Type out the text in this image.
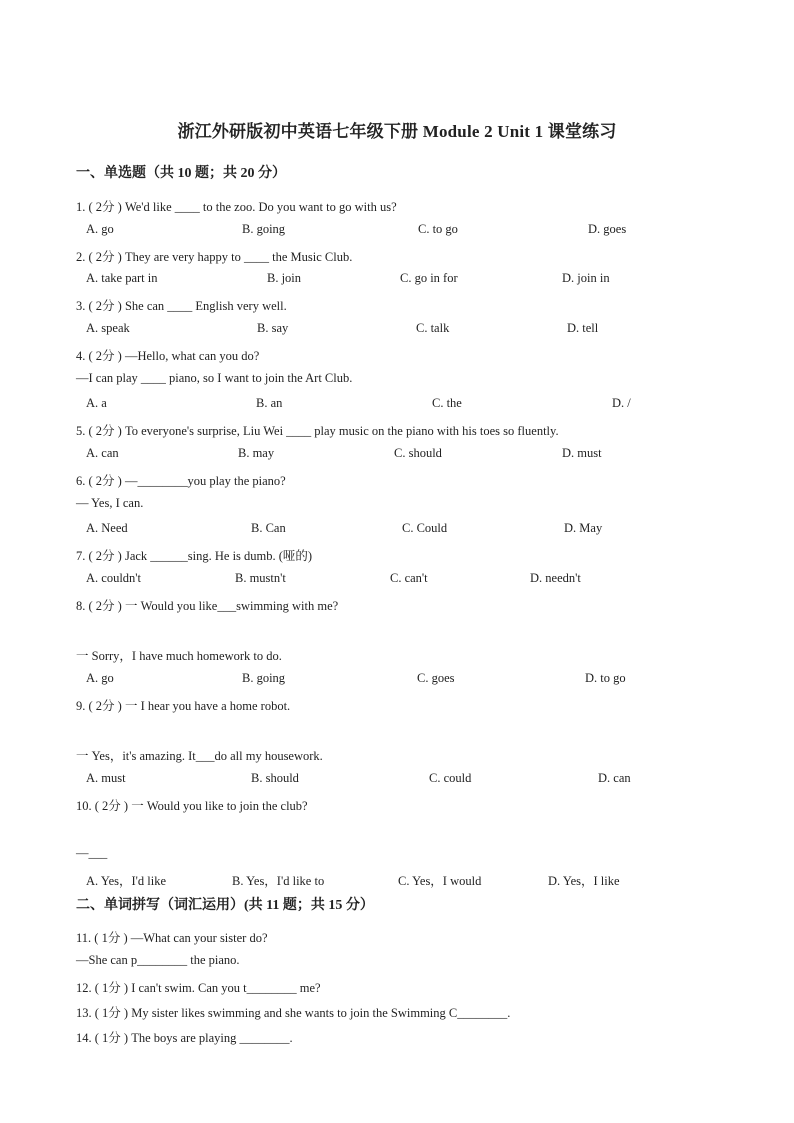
浙江外研版初中英语七年级下册 Module 2 Unit 1 课堂练习
一、单选题（共 10 题；共 20 分）
1. ( 2分 ) We'd like ____ to the zoo. Do you want to go with us?
A. go	B. going	C. to go	D. goes
2. ( 2分 ) They are very happy to ____ the Music Club.
A. take part in	B. join	C. go in for	D. join in
3. ( 2分 ) She can ____ English very well.
A. speak	B. say	C. talk	D. tell
4. ( 2分 ) —Hello, what can you do?
—I can play ____ piano, so I want to join the Art Club.
A. a	B. an	C. the	D. /
5. ( 2分 ) To everyone's surprise, Liu Wei ____ play music on the piano with his toes so fluently.
A. can	B. may	C. should	D. must
6. ( 2分 ) —________you play the piano?
— Yes, I can.
A. Need	B. Can	C. Could	D. May
7. ( 2分 ) Jack ______sing. He is dumb. (哑的)
A. couldn't	B. mustn't	C. can't	D. needn't
8. ( 2分 ) 一 Would you like___swimming with me?
一 Sorry，I have much homework to do.
A. go	B. going	C. goes	D. to go
9. ( 2分 ) 一 I hear you have a home robot.
一 Yes，it's amazing. It___do all my housework.
A. must	B. should	C. could	D. can
10. ( 2分 ) 一 Would you like to join the club?
—___
A. Yes，I'd like	B. Yes，I'd like to	C. Yes，I would	D. Yes，I like
二、单词拼写（词汇运用）(共 11 题；共 15 分）
11. ( 1分 ) —What can your sister do?
—She can p________ the piano.
12. ( 1分 ) I can't swim. Can you t________ me?
13. ( 1分 ) My sister likes swimming and she wants to join the Swimming C________.
14. ( 1分 ) The boys are playing ________.
